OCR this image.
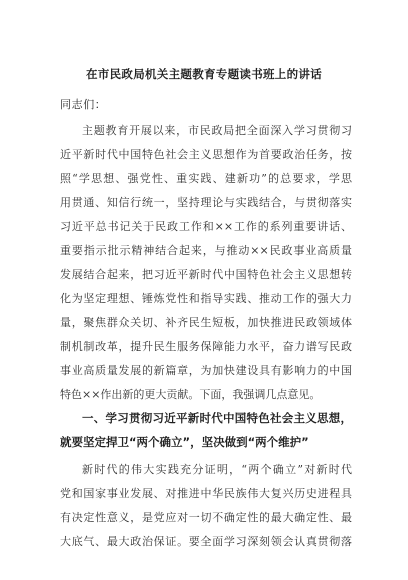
在市民政局机关主题教育专题读书班上的讲话
同志们：
主题教育开展以来，市民政局把全面深入学习贯彻习
近平新时代中国特色社会主义思想作为首要政治任务，按
照“学思想、强党性、重实践、建新功”的总要求，学思
用贯通、知信行统一，坚持理论与实践结合，与贯彻落实
习近平总书记关于民政工作和××工作的系列重要讲话、
重要指示批示精神结合起来，与推动××民政事业高质量
发展结合起来，把习近平新时代中国特色社会主义思想转
化为坚定理想、锤炼党性和指导实践、推动工作的强大力
量，聚焦群众关切、补齐民生短板，加快推进民政领域体
制机制改革，提升民生服务保障能力水平，奋力谱写民政
事业高质量发展的新篇章，为加快建设具有影响力的中国
特色××作出新的更大贡献。下面，我强调几点意见。
一、学习贯彻习近平新时代中国特色社会主义思想，
就要坚定捍卫“两个确立”，坚决做到“两个维护”
新时代的伟大实践充分证明，“两个确立”对新时代
党和国家事业发展、对推进中华民族伟大复兴历史进程具
有决定性意义，是党应对一切不确定性的最大确定性、最
大底气、最大政治保证。要全面学习深刻领会认真贯彻落
